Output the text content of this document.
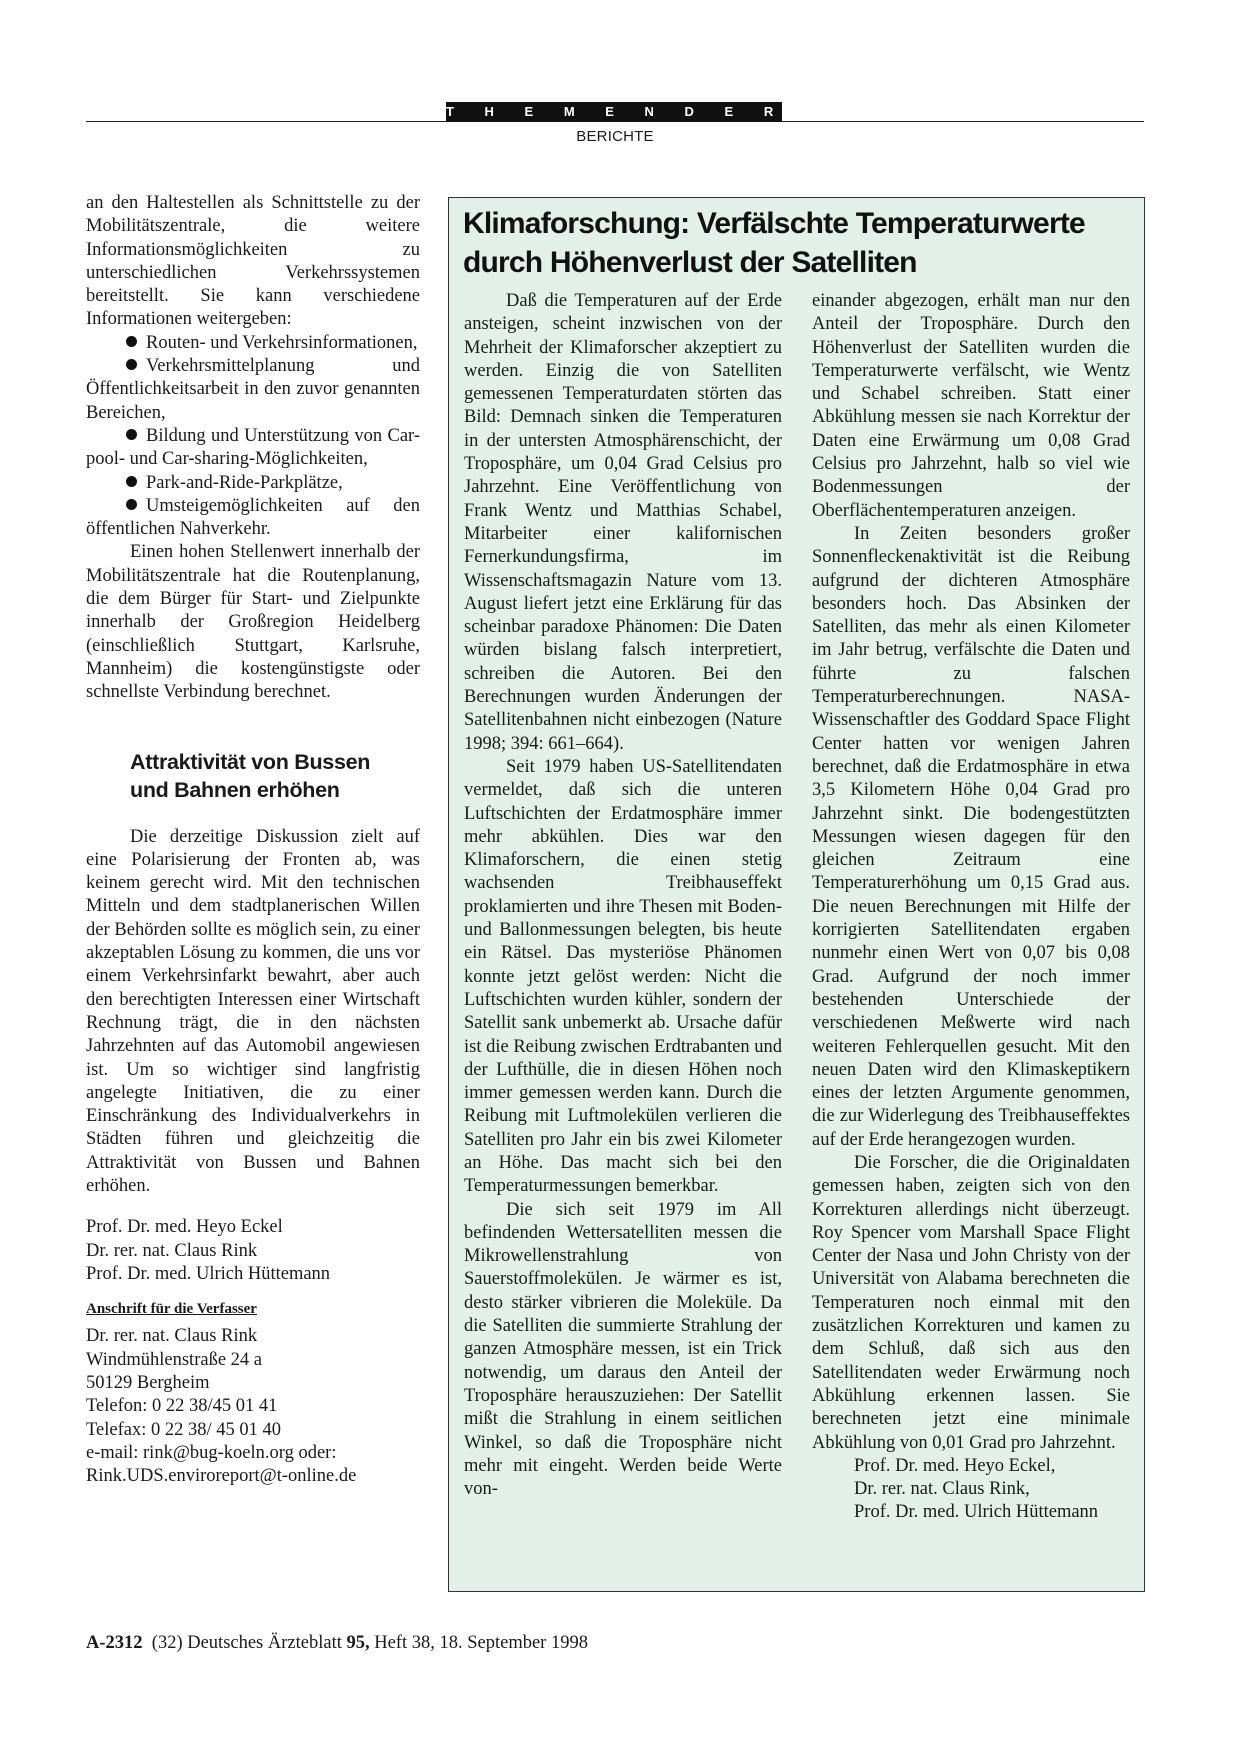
T H E M E N D E R Z E I T
BERICHTE

an den Haltestellen als Schnittstelle zu der Mobilitätszentrale, die weitere Informationsmöglichkeiten zu unterschiedlichen Verkehrssystemen bereitstellt. Sie kann verschiedene Informationen weitergeben:

Routen- und Verkehrsinformationen,

Verkehrsmittelplanung und Öffentlichkeitsarbeit in den zuvor genannten Bereichen,

Bildung und Unterstützung von Car-pool- und Car-sharing-Möglichkeiten,

Park-and-Ride-Parkplätze,

Umsteigemöglichkeiten auf den öffentlichen Nahverkehr.

Einen hohen Stellenwert innerhalb der Mobilitätszentrale hat die Routenplanung, die dem Bürger für Start- und Zielpunkte innerhalb der Großregion Heidelberg (einschließlich Stuttgart, Karlsruhe, Mannheim) die kostengünstigste oder schnellste Verbindung berechnet.

Attraktivität von Bussen
und Bahnen erhöhen

Die derzeitige Diskussion zielt auf eine Polarisierung der Fronten ab, was keinem gerecht wird. Mit den technischen Mitteln und dem stadtplanerischen Willen der Behörden sollte es möglich sein, zu einer akzeptablen Lösung zu kommen, die uns vor einem Verkehrsinfarkt bewahrt, aber auch den berechtigten Interessen einer Wirtschaft Rechnung trägt, die in den nächsten Jahrzehnten auf das Automobil angewiesen ist. Um so wichtiger sind langfristig angelegte Initiativen, die zu einer Einschränkung des Individualverkehrs in Städten führen und gleichzeitig die Attraktivität von Bussen und Bahnen erhöhen.

Prof. Dr. med. Heyo Eckel
Dr. rer. nat. Claus Rink
Prof. Dr. med. Ulrich Hüttemann

Anschrift für die Verfasser

Dr. rer. nat. Claus Rink
Windmühlenstraße 24 a
50129 Bergheim
Telefon: 0 22 38/45 01 41
Telefax: 0 22 38/ 45 01 40
e-mail: rink@bug-koeln.org oder:
Rink.UDS.enviroreport@t-online.de
Klimaforschung: Verfälschte Temperaturwerte
durch Höhenverlust der Satelliten

Daß die Temperaturen auf der Erde ansteigen, scheint inzwischen von der Mehrheit der Klimaforscher akzeptiert zu werden. Einzig die von Satelliten gemessenen Temperaturdaten störten das Bild: Demnach sinken die Temperaturen in der untersten Atmosphärenschicht, der Troposphäre, um 0,04 Grad Celsius pro Jahrzehnt. Eine Veröffentlichung von Frank Wentz und Matthias Schabel, Mitarbeiter einer kalifornischen Fernerkundungsfirma, im Wissenschaftsmagazin Nature vom 13. August liefert jetzt eine Erklärung für das scheinbar paradoxe Phänomen: Die Daten würden bislang falsch interpretiert, schreiben die Autoren. Bei den Berechnungen wurden Änderungen der Satellitenbahnen nicht einbezogen (Nature 1998; 394: 661–664).

Seit 1979 haben US-Satellitendaten vermeldet, daß sich die unteren Luftschichten der Erdatmosphäre immer mehr abkühlen. Dies war den Klimaforschern, die einen stetig wachsenden Treibhauseffekt proklamierten und ihre Thesen mit Boden- und Ballonmessungen belegten, bis heute ein Rätsel. Das mysteriöse Phänomen konnte jetzt gelöst werden: Nicht die Luftschichten wurden kühler, sondern der Satellit sank unbemerkt ab. Ursache dafür ist die Reibung zwischen Erdtrabanten und der Lufthülle, die in diesen Höhen noch immer gemessen werden kann. Durch die Reibung mit Luftmolekülen verlieren die Satelliten pro Jahr ein bis zwei Kilometer an Höhe. Das macht sich bei den Temperaturmessungen bemerkbar.

Die sich seit 1979 im All befindenden Wettersatelliten messen die Mikrowellenstrahlung von Sauerstoffmolekülen. Je wärmer es ist, desto stärker vibrieren die Moleküle. Da die Satelliten die summierte Strahlung der ganzen Atmosphäre messen, ist ein Trick notwendig, um daraus den Anteil der Troposphäre herauszuziehen: Der Satellit mißt die Strahlung in einem seitlichen Winkel, so daß die Troposphäre nicht mehr mit eingeht. Werden beide Werte von-

einander abgezogen, erhält man nur den Anteil der Troposphäre. Durch den Höhenverlust der Satelliten wurden die Temperaturwerte verfälscht, wie Wentz und Schabel schreiben. Statt einer Abkühlung messen sie nach Korrektur der Daten eine Erwärmung um 0,08 Grad Celsius pro Jahrzehnt, halb so viel wie Bodenmessungen der Oberflächentemperaturen anzeigen.

In Zeiten besonders großer Sonnenfleckenaktivität ist die Reibung aufgrund der dichteren Atmosphäre besonders hoch. Das Absinken der Satelliten, das mehr als einen Kilometer im Jahr betrug, verfälschte die Daten und führte zu falschen Temperaturberechnungen. NASA-Wissenschaftler des Goddard Space Flight Center hatten vor wenigen Jahren berechnet, daß die Erdatmosphäre in etwa 3,5 Kilometern Höhe 0,04 Grad pro Jahrzehnt sinkt. Die bodengestützten Messungen wiesen dagegen für den gleichen Zeitraum eine Temperaturerhöhung um 0,15 Grad aus. Die neuen Berechnungen mit Hilfe der korrigierten Satellitendaten ergaben nunmehr einen Wert von 0,07 bis 0,08 Grad. Aufgrund der noch immer bestehenden Unterschiede der verschiedenen Meßwerte wird nach weiteren Fehlerquellen gesucht. Mit den neuen Daten wird den Klimaskeptikern eines der letzten Argumente genommen, die zur Widerlegung des Treibhauseffektes auf der Erde herangezogen wurden.

Die Forscher, die die Originaldaten gemessen haben, zeigten sich von den Korrekturen allerdings nicht überzeugt. Roy Spencer vom Marshall Space Flight Center der Nasa und John Christy von der Universität von Alabama berechneten die Temperaturen noch einmal mit den zusätzlichen Korrekturen und kamen zu dem Schluß, daß sich aus den Satellitendaten weder Erwärmung noch Abkühlung erkennen lassen. Sie berechneten jetzt eine minimale Abkühlung von 0,01 Grad pro Jahrzehnt.

Prof. Dr. med. Heyo Eckel,
Dr. rer. nat. Claus Rink,
Prof. Dr. med. Ulrich Hüttemann
A-2312 (32) Deutsches Ärzteblatt 95, Heft 38, 18. September 1998
